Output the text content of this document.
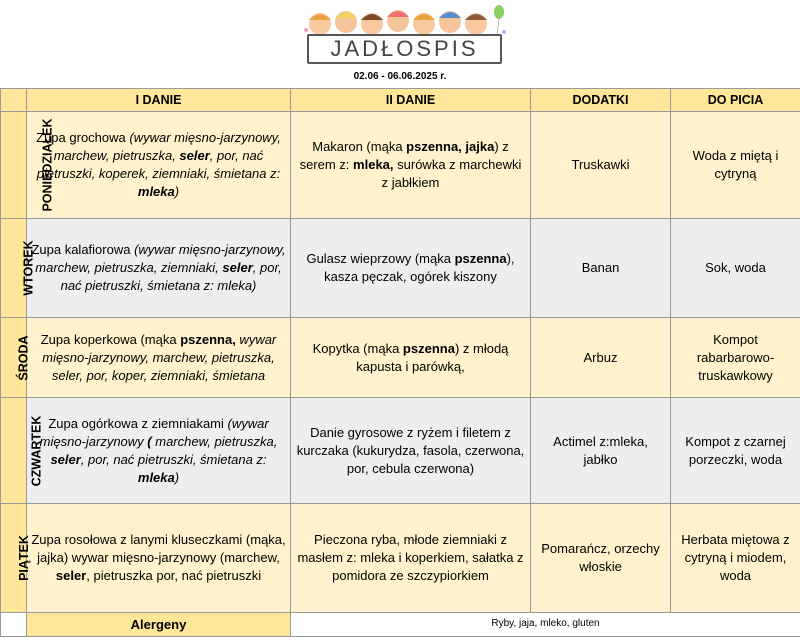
JADŁOSPIS
02.06 - 06.06.2025 r.
	I DANIE	II DANIE	DODATKI	DO PICIA
PONIEDZIAŁEK	Zupa grochowa (wywar mięsno-jarzynowy, marchew, pietruszka, seler, por, nać pietruszki, koperek, ziemniaki, śmietana z: mleka)	Makaron (mąka pszenna, jajka) z serem z: mleka, surówka z marchewki z jabłkiem	Truskawki	Woda z miętą i cytryną
WTOREK	Zupa kalafiorowa (wywar mięsno-jarzynowy, marchew, pietruszka, ziemniaki, seler, por, nać pietruszki, śmietana z: mleka)	Gulasz wieprzowy (mąka pszenna), kasza pęczak, ogórek kiszony	Banan	Sok, woda
ŚRODA	Zupa koperkowa (mąka pszenna, wywar mięsno-jarzynowy, marchew, pietruszka, seler, por, koper, ziemniaki, śmietana	Kopytka (mąka pszenna) z młodą kapusta i parówką,	Arbuz	Kompot rabarbarowo-truskawkowy
CZWARTEK	Zupa ogórkowa z ziemniakami (wywar mięsno-jarzynowy ( marchew, pietruszka, seler, por, nać pietruszki, śmietana z: mleka)	Danie gyrosowe z ryżem i filetem z kurczaka (kukurydza, fasola, czerwona, por, cebula czerwona)	Actimel z:mleka, jabłko	Kompot z czarnej porzeczki, woda
PIĄTEK	Zupa rosołowa z lanymi kluseczkami (mąka, jajka) wywar mięsno-jarzynowy (marchew, seler, pietruszka por, nać pietruszki	Pieczona ryba, młode ziemniaki z masłem z: mleka i koperkiem, sałatka z pomidora ze szczypiorkiem	Pomarańcz, orzechy włoskie	Herbata miętowa z cytryną i miodem, woda
	Alergeny	Ryby, jaja, mleko, gluten		
